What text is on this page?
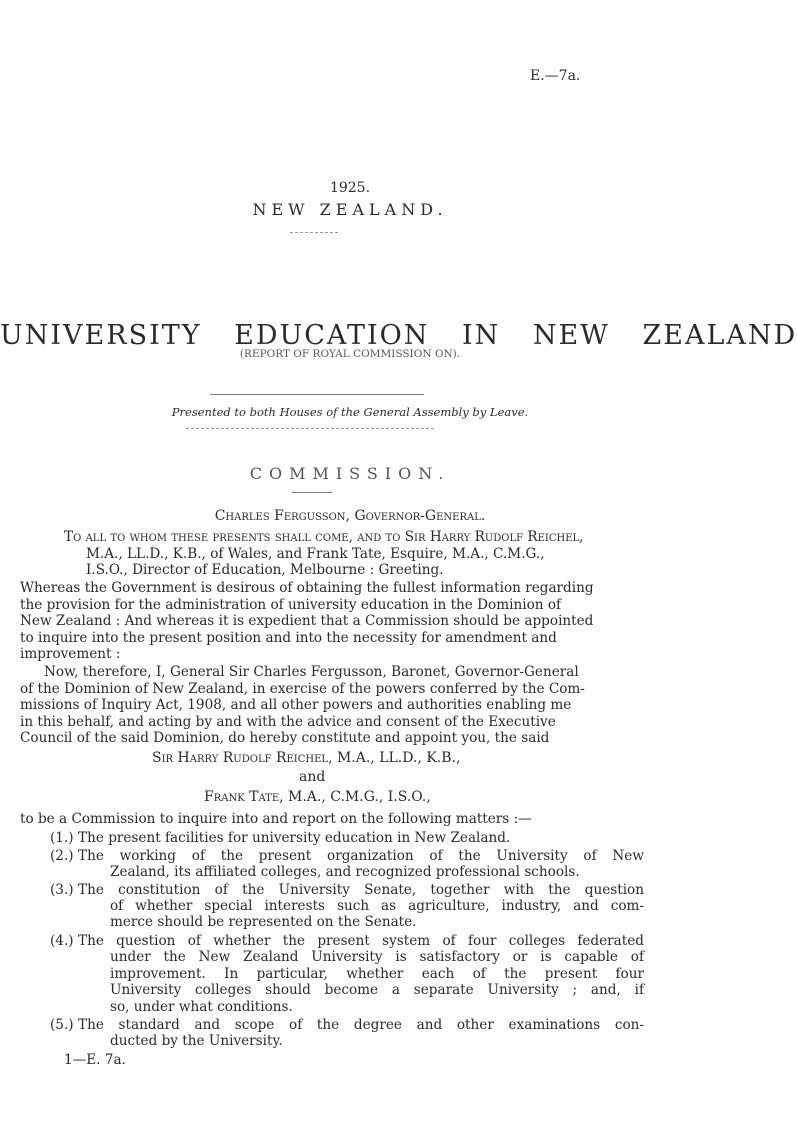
E.—7a.
1925.
NEW ZEALAND.
UNIVERSITY EDUCATION IN NEW ZEALAND
(REPORT OF ROYAL COMMISSION ON).
Presented to both Houses of the General Assembly by Leave.
COMMISSION.
Charles Fergusson, Governor-General.
To all to whom these presents shall come, and to Sir Harry Rudolf Reichel,
M.A., LL.D., K.B., of Wales, and Frank Tate, Esquire, M.A., C.M.G.,
I.S.O., Director of Education, Melbourne : Greeting.
Whereas the Government is desirous of obtaining the fullest information regarding
the provision for the administration of university education in the Dominion of
New Zealand : And whereas it is expedient that a Commission should be appointed
to inquire into the present position and into the necessity for amendment and
improvement :
Now, therefore, I, General Sir Charles Fergusson, Baronet, Governor-General
of the Dominion of New Zealand, in exercise of the powers conferred by the Com-
missions of Inquiry Act, 1908, and all other powers and authorities enabling me
in this behalf, and acting by and with the advice and consent of the Executive
Council of the said Dominion, do hereby constitute and appoint you, the said
Sir Harry Rudolf Reichel, M.A., LL.D., K.B.,
and
Frank Tate, M.A., C.M.G., I.S.O.,
to be a Commission to inquire into and report on the following matters :—
(1.) The present facilities for university education in New Zealand.
(2.) The working of the present organization of the University of New
Zealand, its affiliated colleges, and recognized professional schools.
(3.) The constitution of the University Senate, together with the question
of whether special interests such as agriculture, industry, and com-
merce should be represented on the Senate.
(4.) The question of whether the present system of four colleges federated
under the New Zealand University is satisfactory or is capable of
improvement. In particular, whether each of the present four
University colleges should become a separate University ; and, if
so, under what conditions.
(5.) The standard and scope of the degree and other examinations con-
ducted by the University.
1—E. 7a.
